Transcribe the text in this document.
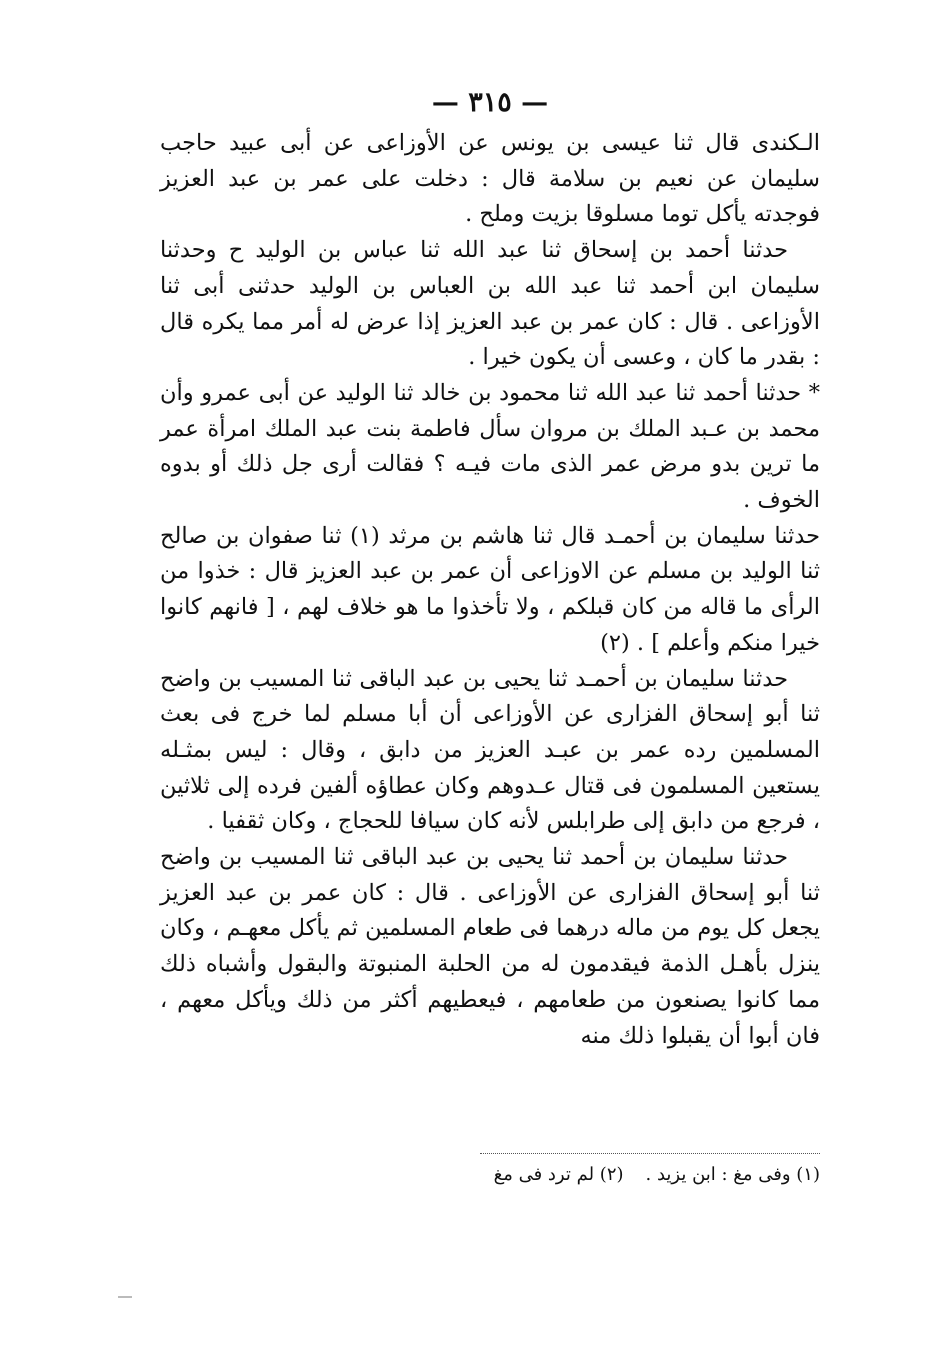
— ٣١٥ —

الـكندى قال ثنا عيسى بن يونس عن الأوزاعى عن أبى عبيد حاجب سليمان عن نعيم بن سلامة قال : دخلت على عمر بن عبد العزيز فوجدته يأكل توما مسلوقا بزيت وملح .

حدثنا أحمد بن إسحاق ثنا عبد الله ثنا عباس بن الوليد ح وحدثنا سليمان ابن أحمد ثنا عبد الله بن العباس بن الوليد حدثنى أبى ثنا الأوزاعى . قال : كان عمر بن عبد العزيز إذا عرض له أمر مما يكره قال : بقدر ما كان ، وعسى أن يكون خيرا .

* حدثنا أحمد ثنا عبد الله ثنا محمود بن خالد ثنا الوليد عن أبى عمرو وأن محمد بن عـبد الملك بن مروان سأل فاطمة بنت عبد الملك امرأة عمر ما ترين بدو مرض عمر الذى مات فيـه ؟ فقالت أرى جل ذلك أو بدوه الخوف .

حدثنا سليمان بن أحمـد قال ثنا هاشم بن مرثد (١) ثنا صفوان بن صالح ثنا الوليد بن مسلم عن الاوزاعى أن عمر بن عبد العزيز قال : خذوا من الرأى ما قاله من كان قبلكم ، ولا تأخذوا ما هو خلاف لهم ، [ فانهم كانوا خيرا منكم وأعلم ] . (٢)

حدثنا سليمان بن أحمـد ثنا يحيى بن عبد الباقى ثنا المسيب بن واضح ثنا أبو إسحاق الفزارى عن الأوزاعى أن أبا مسلم لما خرج فى بعث المسلمين رده عمر بن عبـد العزيز من دابق ، وقال : ليس بمثـله يستعين المسلمون فى قتال عـدوهم وكان عطاؤه ألفين فرده إلى ثلاثين ، فرجع من دابق إلى طرابلس لأنه كان سيافا للحجاج ، وكان ثقفيا .

حدثنا سليمان بن أحمد ثنا يحيى بن عبد الباقى ثنا المسيب بن واضح ثنا أبو إسحاق الفزارى عن الأوزاعى . قال : كان عمر بن عبد العزيز يجعل كل يوم من ماله درهما فى طعام المسلمين ثم يأكل معهـم ، وكان ينزل بأهـل الذمة فيقدمون له من الحلبة المنبوتة والبقول وأشباه ذلك مما كانوا يصنعون من طعامهم ، فيعطيهم أكثر من ذلك ويأكل معهم ، فان أبوا أن يقبلوا ذلك منه

(١) وفى مغ : ابن يزيد .(٢) لم ترد فى مغ
